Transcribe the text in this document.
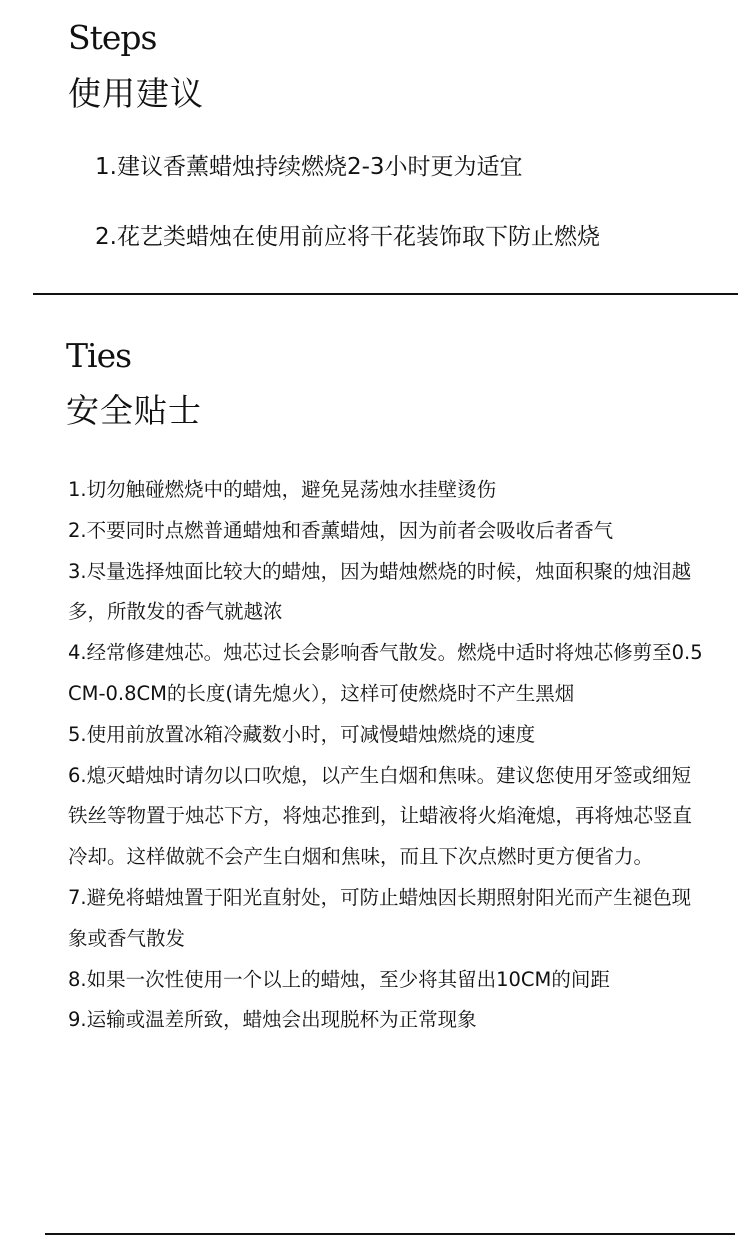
Steps
使用建议
1.建议香薰蜡烛持续燃烧2-3小时更为适宜
2.花艺类蜡烛在使用前应将干花装饰取下防止燃烧
Ties
安全贴士
1.切勿触碰燃烧中的蜡烛，避免晃荡烛水挂壁烫伤
2.不要同时点燃普通蜡烛和香薰蜡烛，因为前者会吸收后者香气
3.尽量选择烛面比较大的蜡烛，因为蜡烛燃烧的时候，烛面积聚的烛泪越多，所散发的香气就越浓
4.经常修建烛芯。烛芯过长会影响香气散发。燃烧中适时将烛芯修剪至0.5CM-0.8CM的长度(请先熄火），这样可使燃烧时不产生黑烟
5.使用前放置冰箱冷藏数小时，可减慢蜡烛燃烧的速度
6.熄灭蜡烛时请勿以口吹熄，以产生白烟和焦味。建议您使用牙签或细短铁丝等物置于烛芯下方，将烛芯推到，让蜡液将火焰淹熄，再将烛芯竖直冷却。这样做就不会产生白烟和焦味，而且下次点燃时更方便省力。
7.避免将蜡烛置于阳光直射处，可防止蜡烛因长期照射阳光而产生褪色现象或香气散发
8.如果一次性使用一个以上的蜡烛，至少将其留出10CM的间距
9.运输或温差所致，蜡烛会出现脱杯为正常现象
